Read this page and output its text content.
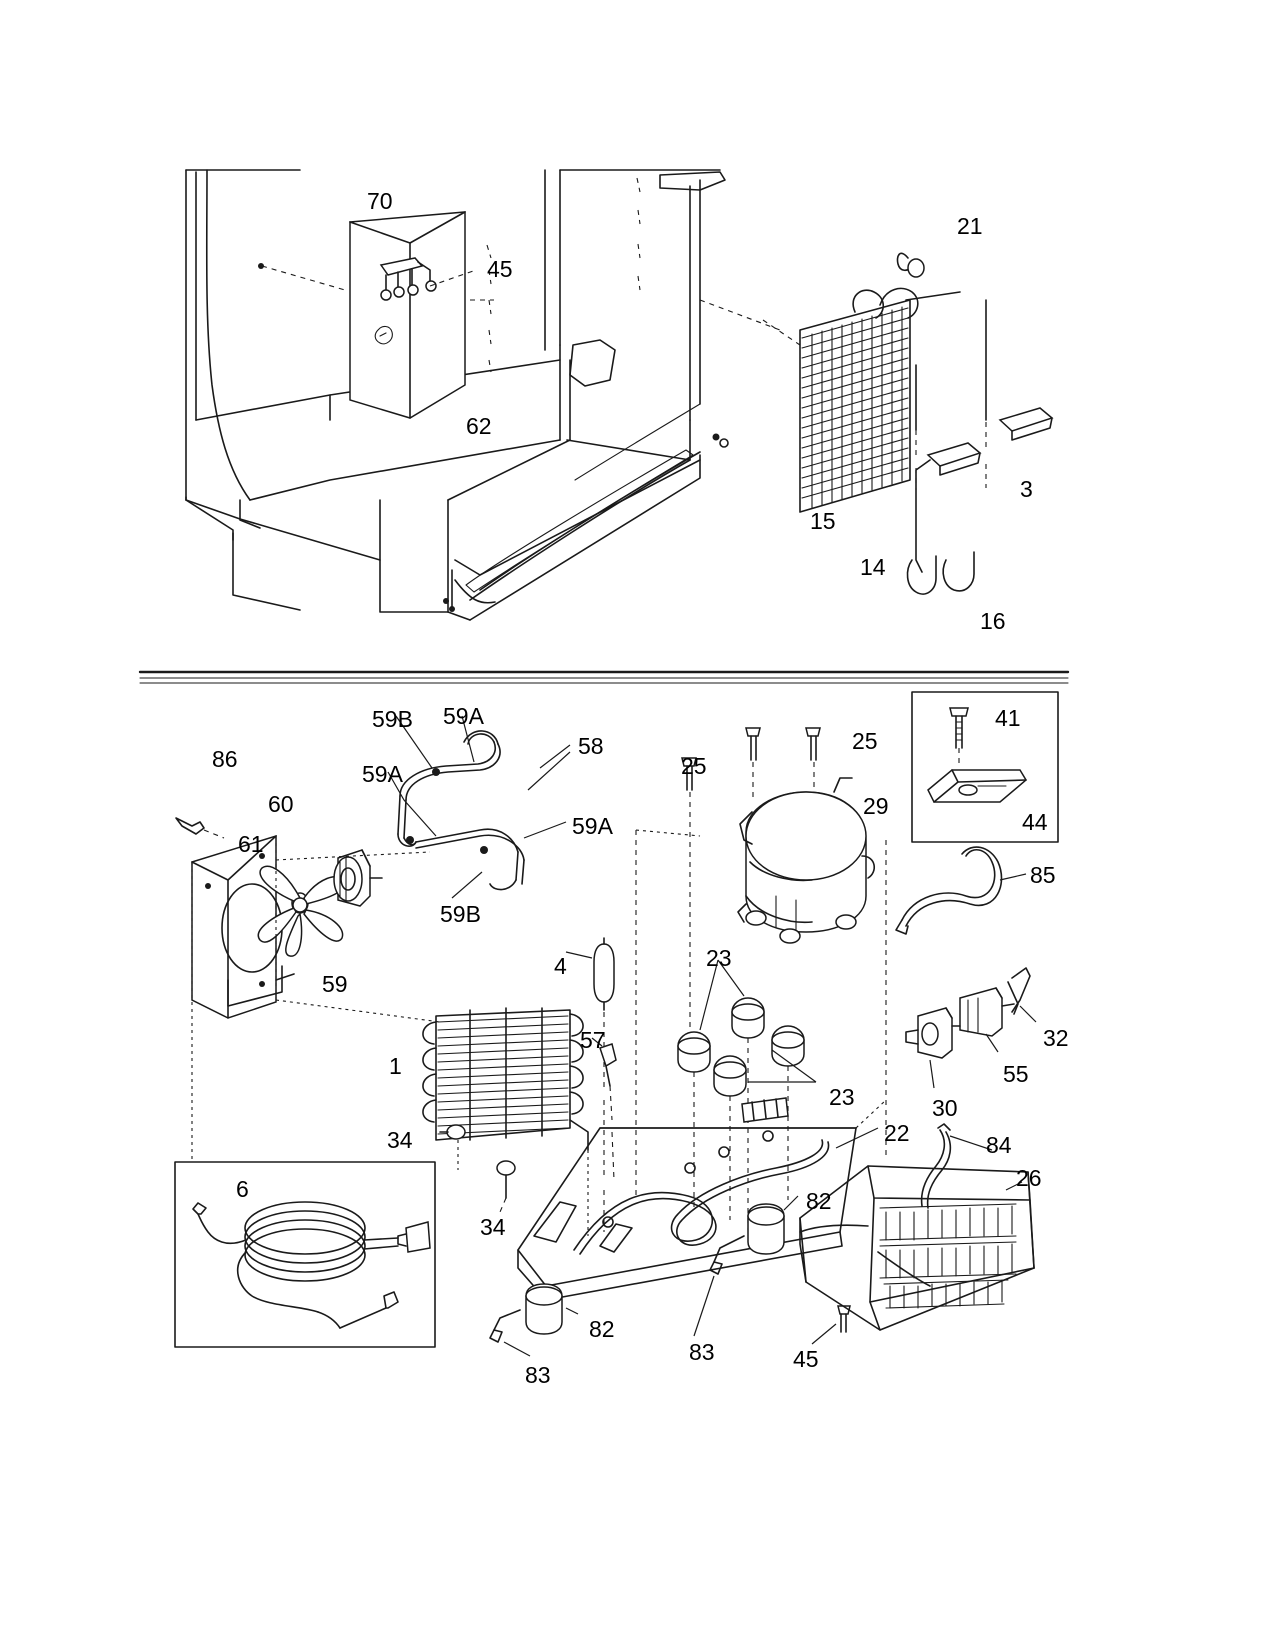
70
45
21
62
3
15
14
16
59B 59A
58	25
41
59A	25
86
60	29
44
59A
61
85
59B
4	23
59
32
57
1	55
30
23
34	22	84
26
6
34
82
82
83	45
83
